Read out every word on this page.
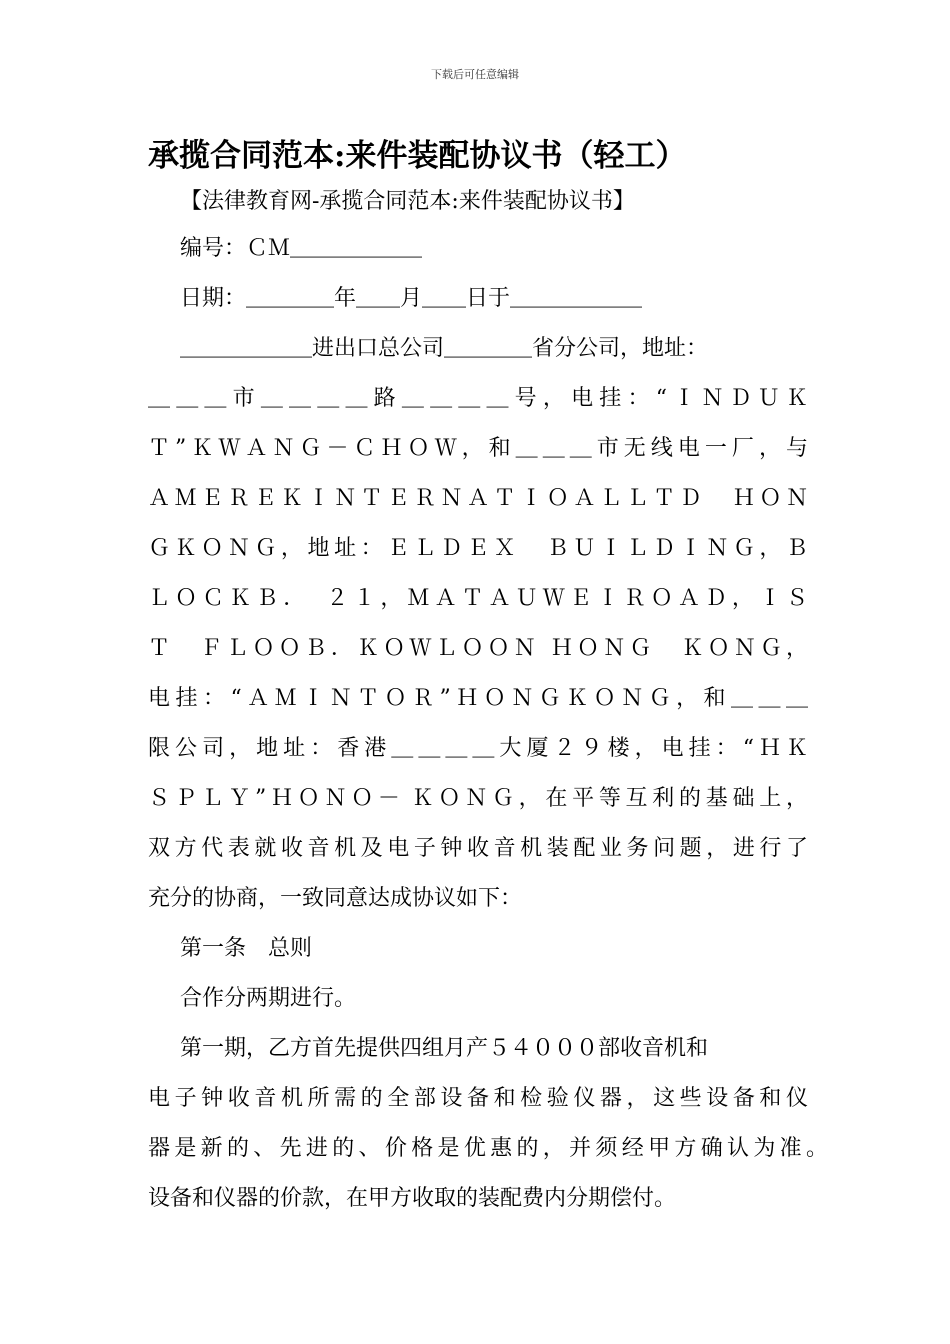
下载后可任意编辑
承揽合同范本:来件装配协议书（轻工）
【法律教育网-承揽合同范本:来件装配协议书】
编号：ＣＭ＿＿＿＿＿＿
日期：＿＿＿＿年＿＿月＿＿日于＿＿＿＿＿＿
＿＿＿＿＿＿进出口总公司＿＿＿＿省分公司，地址：
＿＿＿市＿＿＿＿路＿＿＿＿号，电挂：“ＩＮＤＵＫ
Ｔ”ＫＷＡＮＧ－ＣＨＯＷ，和＿＿＿市无线电一厂，与
ＡＭＥＲＥＫＩＮＴＥＲＮＡＴＩＯＡＬＬＴＤ　ＨＯＮ
ＧＫＯＮＧ，地址：ＥＬＤＥＸ　ＢＵＩＬＤＩＮＧ，Ｂ
ＬＯＣＫＢ．　２１，ＭＡＴＡＵＷＥＩＲＯＡＤ，ＩＳ
Ｔ　ＦＬＯＯＢ．ＫＯＷＬＯＯＮ ＨＯＮＧ　ＫＯＮＧ，
电挂：“ＡＭＩＮＴＯＲ”ＨＯＮＧＫＯＮＧ，和＿＿＿
限公司，地址：香港＿＿＿＿大厦２９楼，电挂：“ＨＫ
ＳＰＬＹ”ＨＯＮＯ－ ＫＯＮＧ，在平等互利的基础上，
双方代表就收音机及电子钟收音机装配业务问题，进行了
充分的协商，一致同意达成协议如下：
第一条　总则
合作分两期进行。
第一期，乙方首先提供四组月产５４０００部收音机和
电子钟收音机所需的全部设备和检验仪器，这些设备和仪
器是新的、先进的、价格是优惠的，并须经甲方确认为准。
设备和仪器的价款，在甲方收取的装配费内分期偿付。
